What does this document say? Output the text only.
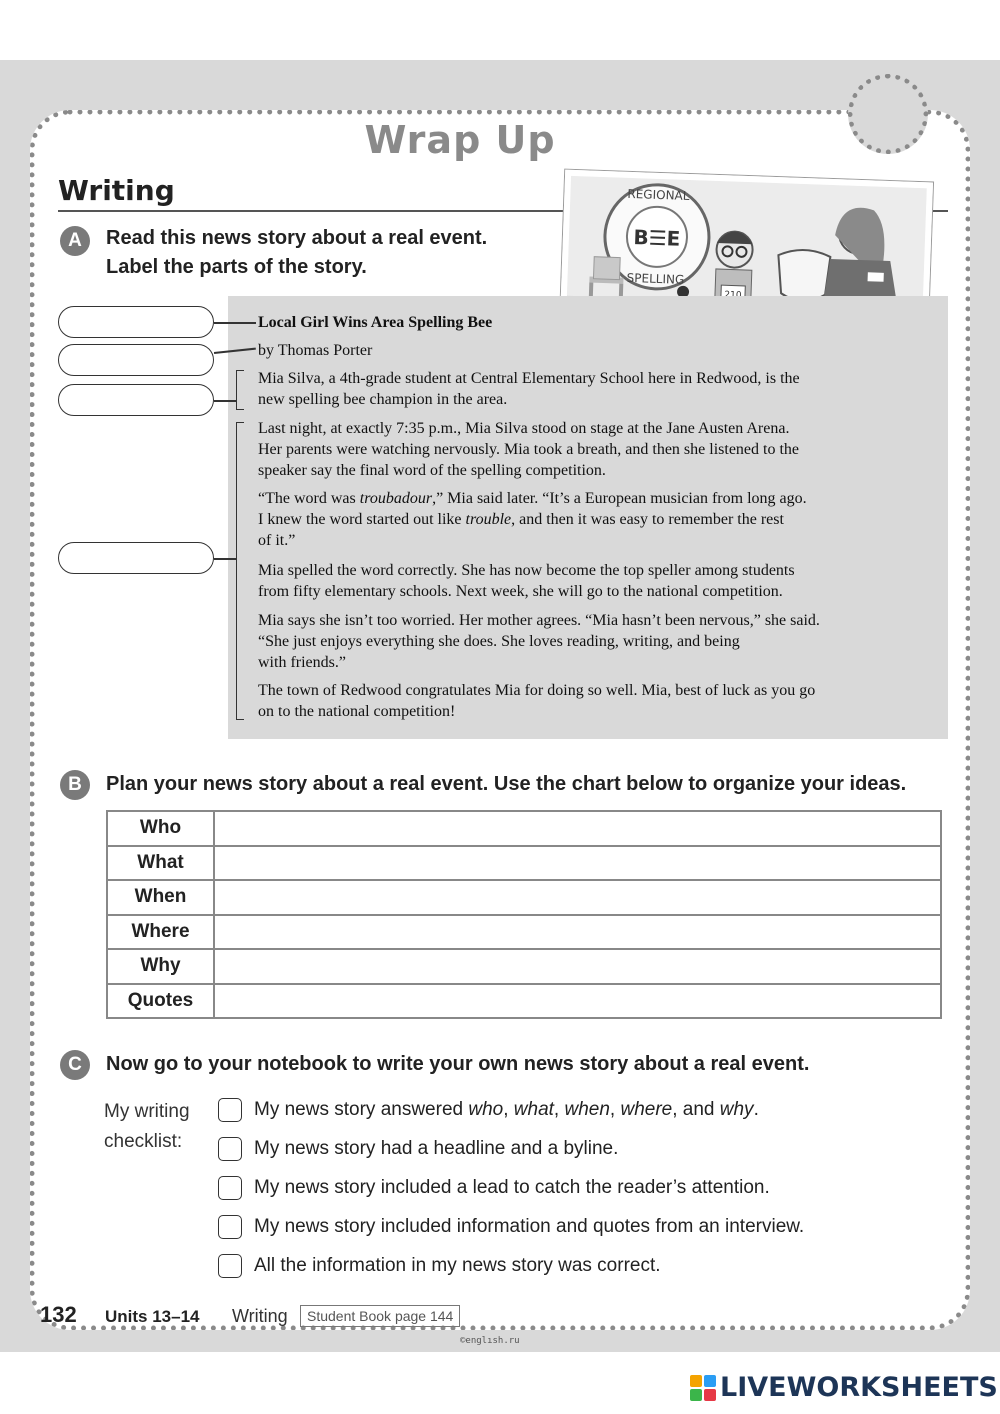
Wrap Up
Writing
A	Read this news story about a real event.
Label the parts of the story.
REGIONAL
B☰E
SPELLING
Local Girl Wins Area Spelling Bee
by Thomas Porter
Mia Silva, a 4th-grade student at Central Elementary School here in Redwood, is the
new spelling bee champion in the area.
Last night, at exactly 7:35 p.m., Mia Silva stood on stage at the Jane Austen Arena.
Her parents were watching nervously. Mia took a breath, and then she listened to the
speaker say the final word of the spelling competition.
“The word was troubadour,” Mia said later. “It’s a European musician from long ago.
I knew the word started out like trouble, and then it was easy to remember the rest
of it.”
Mia spelled the word correctly. She has now become the top speller among students
from fifty elementary schools. Next week, she will go to the national competition.
Mia says she isn’t too worried. Her mother agrees. “Mia hasn’t been nervous,” she said.
“She just enjoys everything she does. She loves reading, writing, and being
with friends.”
The town of Redwood congratulates Mia for doing so well. Mia, best of luck as you go
on to the national competition!
B	Plan your news story about a real event. Use the chart below to organize your ideas.
Who	
What	
When	
Where	
Why	
Quotes	
C	Now go to your notebook to write your own news story about a real event.
My writing
checklist:
My news story answered who, what, when, where, and why.
My news story had a headline and a byline.
My news story included a lead to catch the reader’s attention.
My news story included information and quotes from an interview.
All the information in my news story was correct.
132 Units 13–14 Writing	Student Book page 144
©englısh.ru
LIVEWORKSHEETS
